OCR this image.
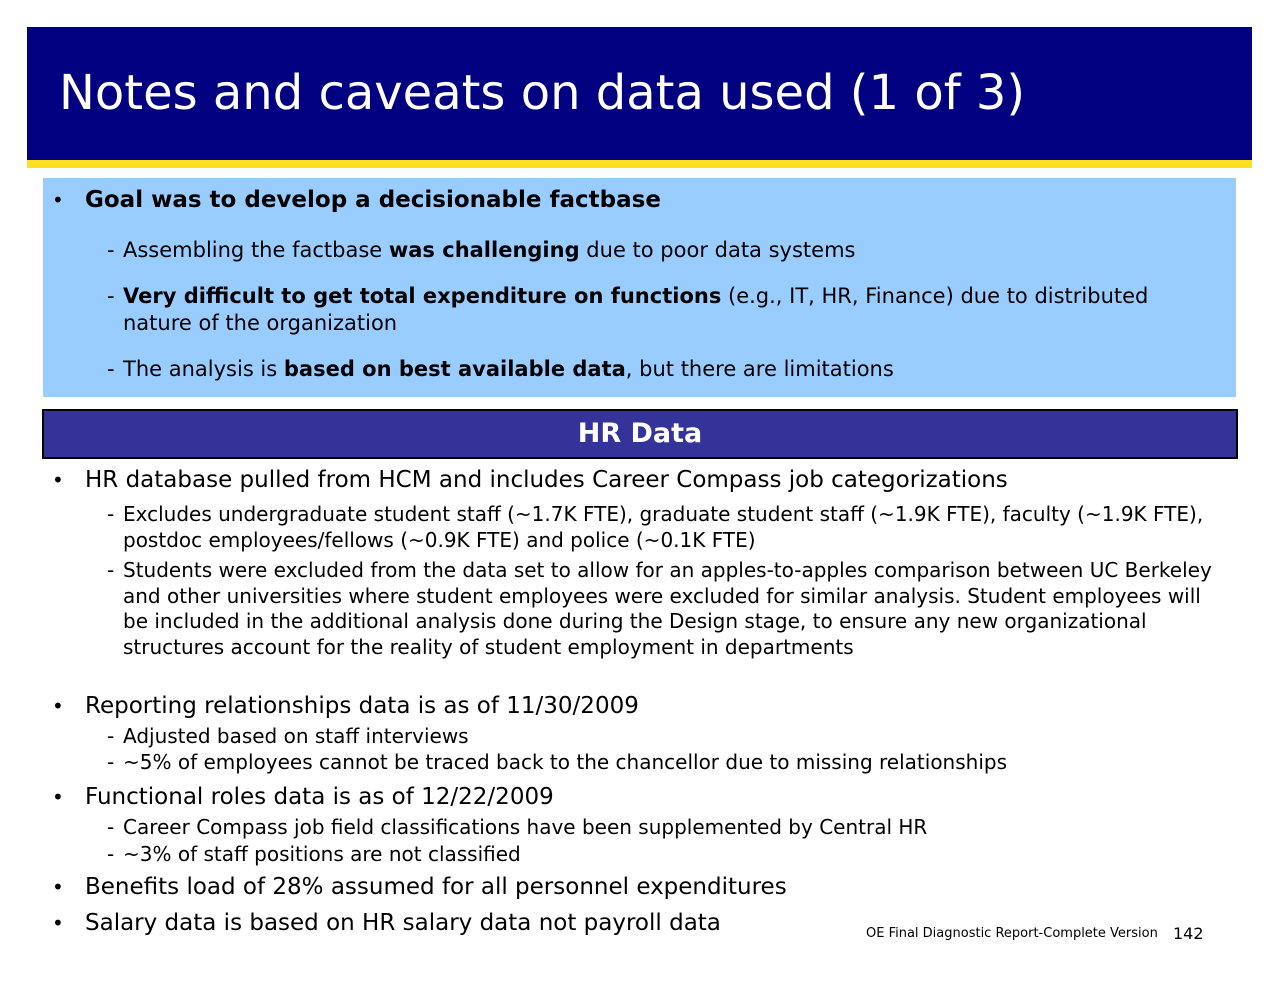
Notes and caveats on data used (1 of 3)
• Goal was to develop a decisionable factbase
- Assembling the factbase was challenging due to poor data systems
- Very difficult to get total expenditure on functions (e.g., IT, HR, Finance) due to distributed nature of the organization
- The analysis is based on best available data, but there are limitations
HR Data
• HR database pulled from HCM and includes Career Compass job categorizations
- Excludes undergraduate student staff (~1.7K FTE), graduate student staff (~1.9K FTE), faculty (~1.9K FTE), postdoc employees/fellows (~0.9K FTE) and police (~0.1K FTE)
- Students were excluded from the data set to allow for an apples-to-apples comparison between UC Berkeley and other universities where student employees were excluded for similar analysis. Student employees will be included in the additional analysis done during the Design stage, to ensure any new organizational structures account for the reality of student employment in departments
• Reporting relationships data is as of 11/30/2009
- Adjusted based on staff interviews
- ~5% of employees cannot be traced back to the chancellor due to missing relationships
• Functional roles data is as of 12/22/2009
- Career Compass job field classifications have been supplemented by Central HR
- ~3% of staff positions are not classified
• Benefits load of 28% assumed for all personnel expenditures
• Salary data is based on HR salary data not payroll data	OE Final Diagnostic Report-Complete Version 142
